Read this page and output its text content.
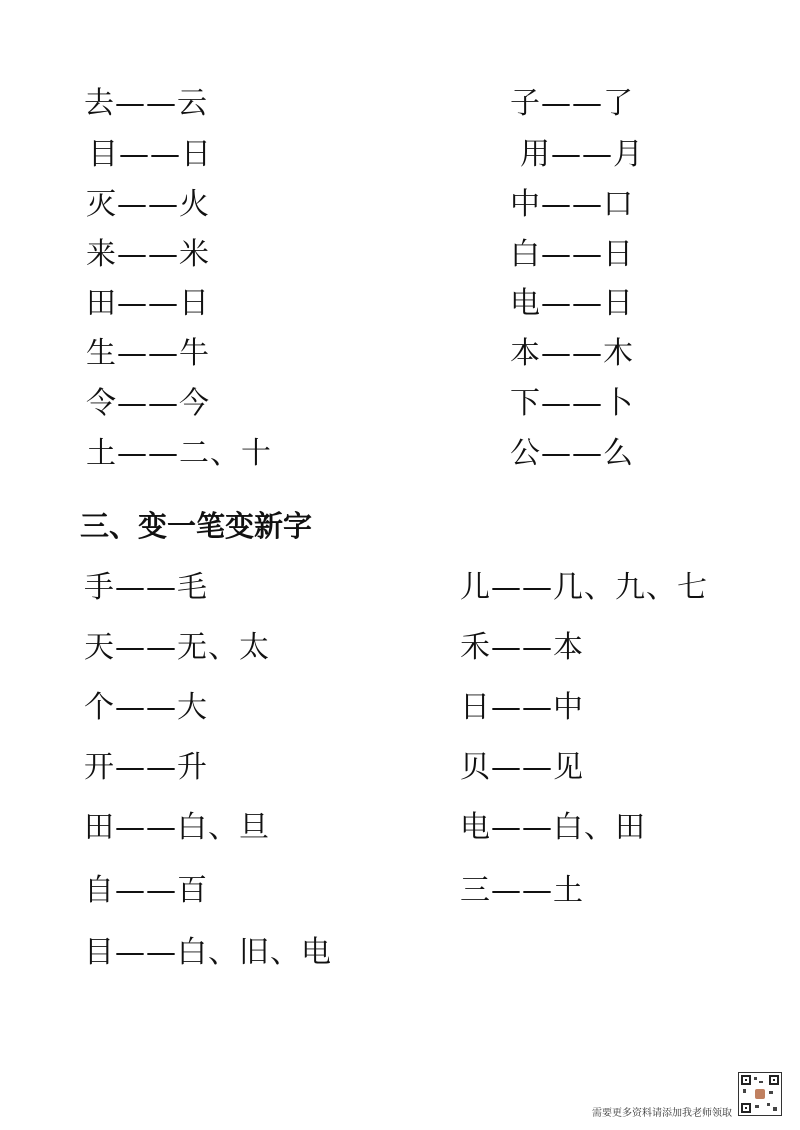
去——云
目——日
灭——火
来——米
田——日
生——牛
令——今
土——二、十
子——了
用——月
中——口
白——日
电——日
本——木
下——卜
公——么
三、变一笔变新字
手——毛
天——无、太
个——大
开——升
田——白、旦
自——百
目——白、旧、电
儿——几、九、七
禾——本
日——中
贝——见
电——白、田
三——土
需要更多资料请添加我老师领取
